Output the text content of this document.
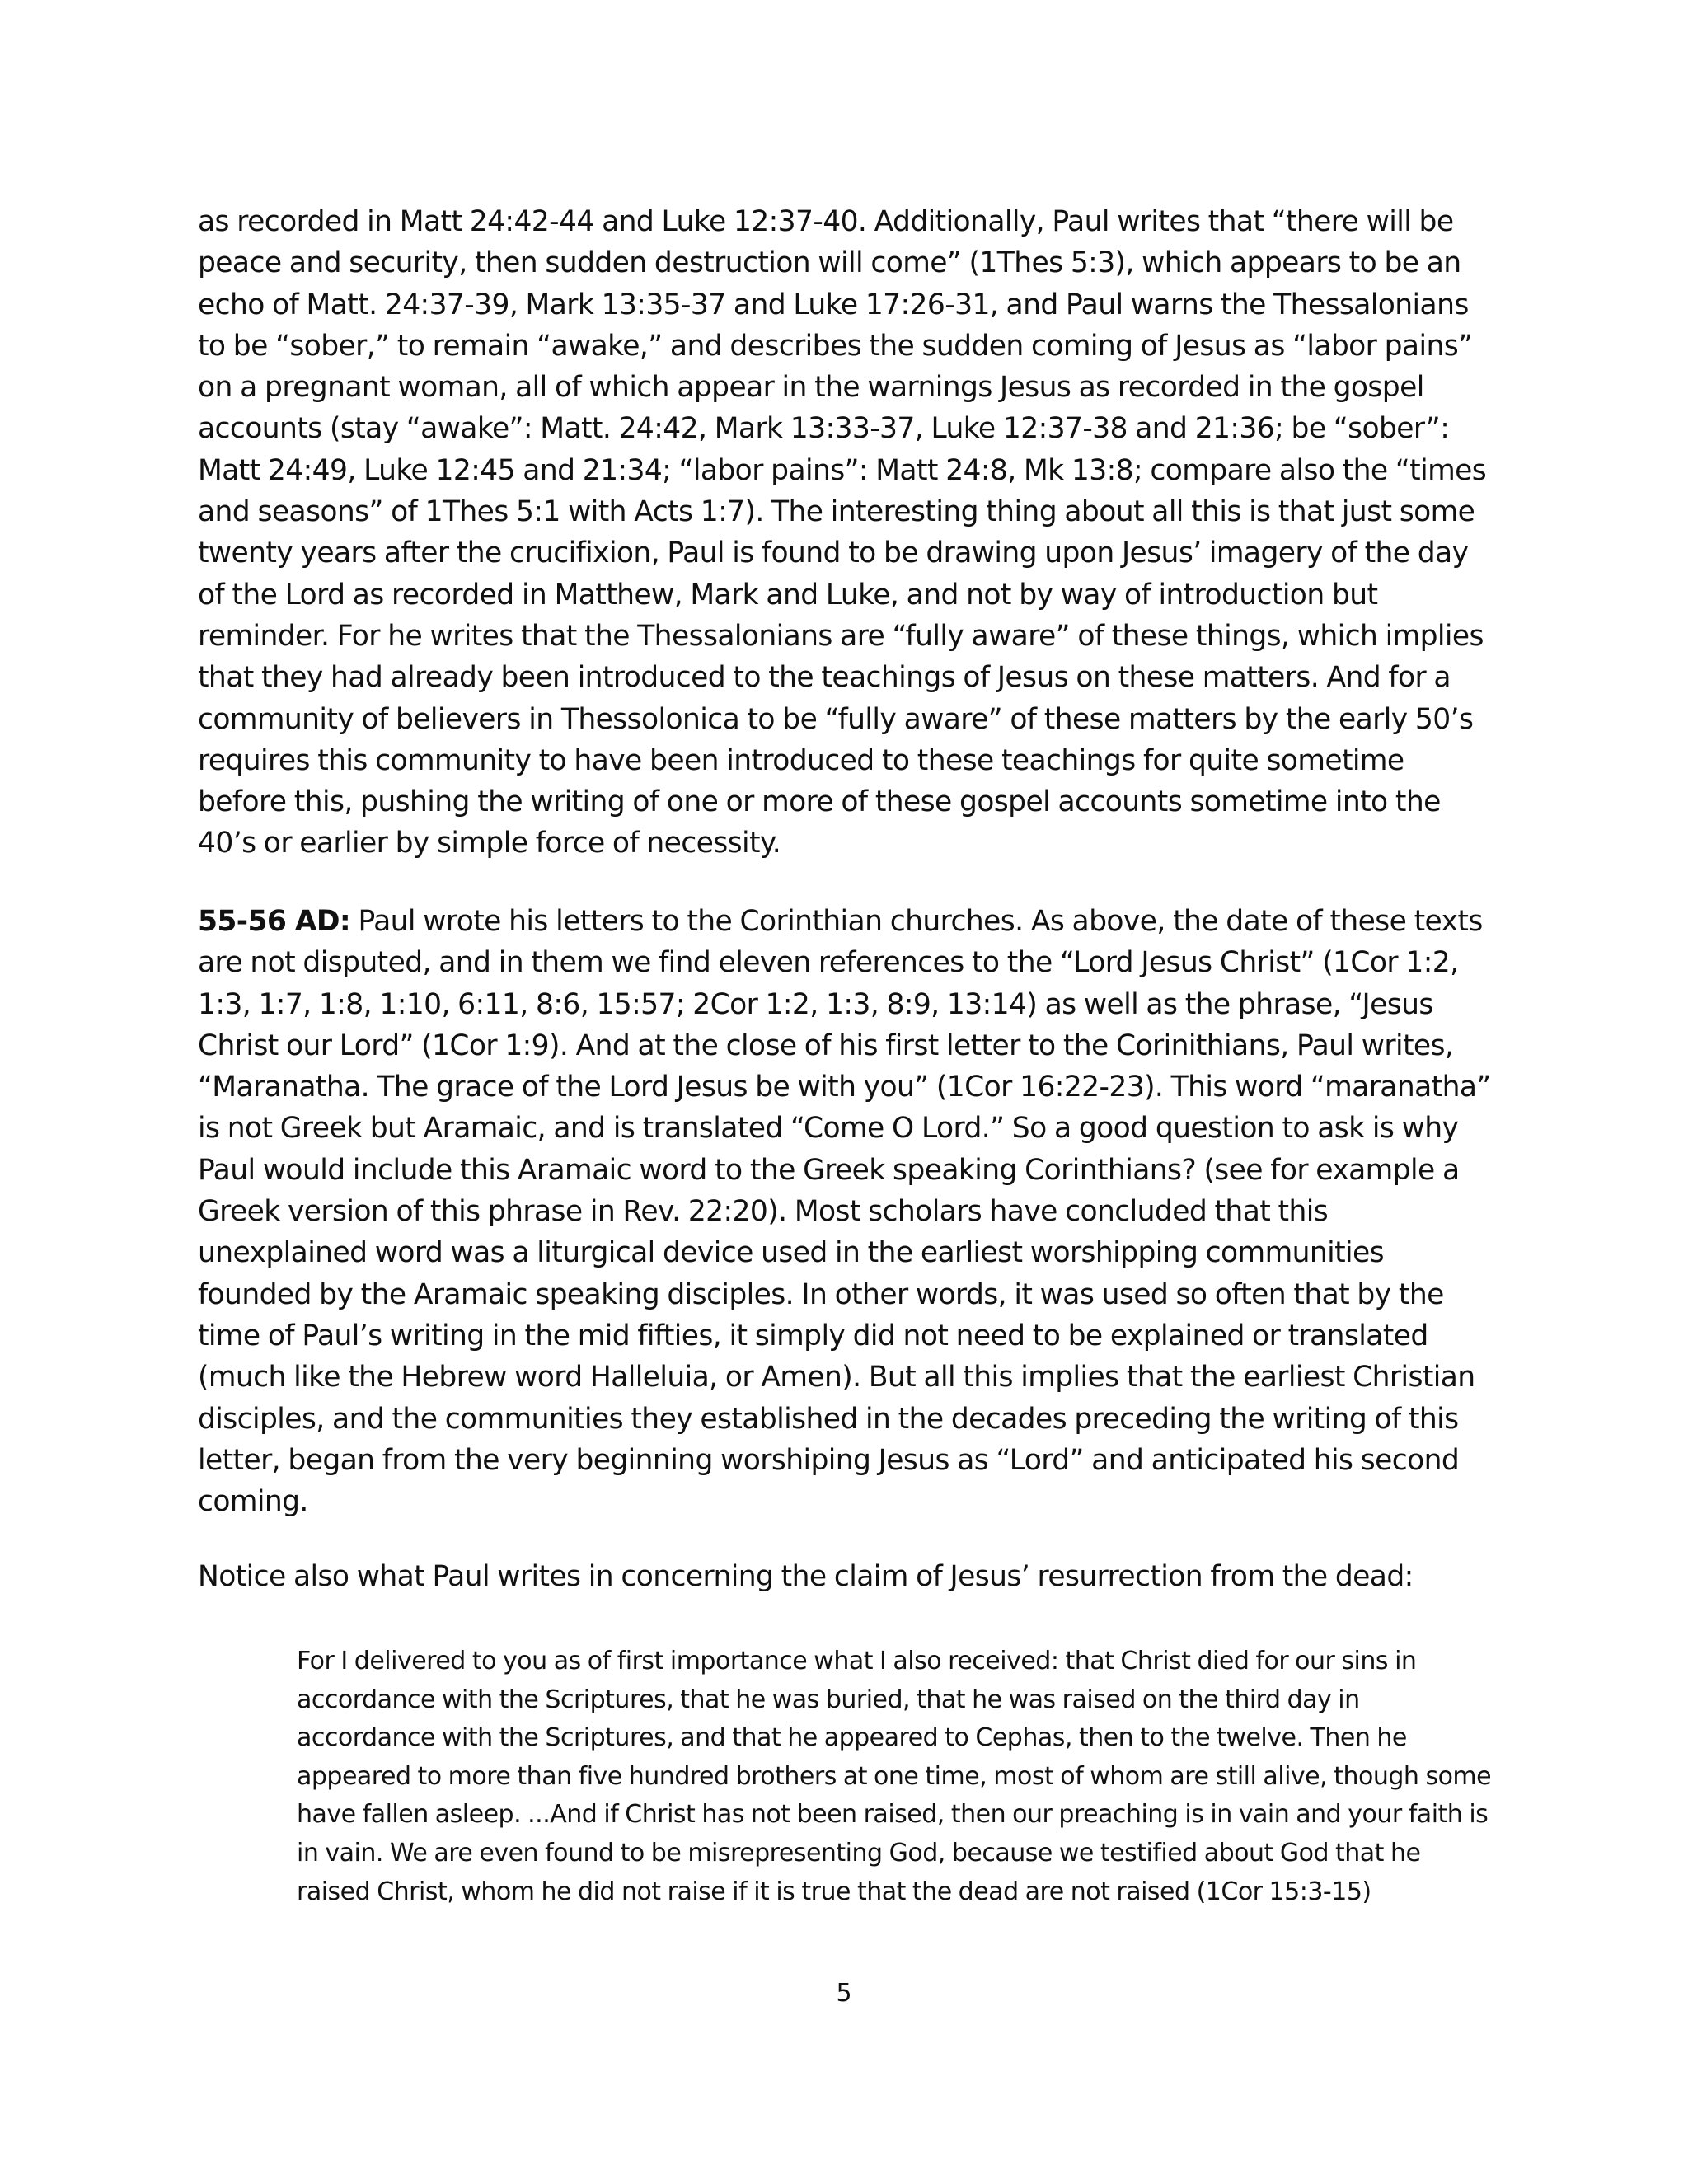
as recorded in Matt 24:42-44 and Luke 12:37-40. Additionally, Paul writes that “there will be peace and security, then sudden destruction will come” (1Thes 5:3), which appears to be an echo of Matt. 24:37-39, Mark 13:35-37 and Luke 17:26-31, and Paul warns the Thessalonians to be “sober,” to remain “awake,” and describes the sudden coming of Jesus as “labor pains” on a pregnant woman, all of which appear in the warnings Jesus as recorded in the gospel accounts (stay “awake”: Matt. 24:42, Mark 13:33-37, Luke 12:37-38 and 21:36; be “sober”: Matt 24:49, Luke 12:45 and 21:34; “labor pains”: Matt 24:8, Mk 13:8; compare also the “times and seasons” of 1Thes 5:1 with Acts 1:7). The interesting thing about all this is that just some twenty years after the crucifixion, Paul is found to be drawing upon Jesus’ imagery of the day of the Lord as recorded in Matthew, Mark and Luke, and not by way of introduction but reminder. For he writes that the Thessalonians are “fully aware” of these things, which implies that they had already been introduced to the teachings of Jesus on these matters. And for a community of believers in Thessolonica to be “fully aware” of these matters by the early 50’s requires this community to have been introduced to these teachings for quite sometime before this, pushing the writing of one or more of these gospel accounts sometime into the 40’s or earlier by simple force of necessity.

55-56 AD: Paul wrote his letters to the Corinthian churches. As above, the date of these texts are not disputed, and in them we find eleven references to the “Lord Jesus Christ” (1Cor 1:2, 1:3, 1:7, 1:8, 1:10, 6:11, 8:6, 15:57; 2Cor 1:2, 1:3, 8:9, 13:14) as well as the phrase, “Jesus Christ our Lord” (1Cor 1:9). And at the close of his first letter to the Corinithians, Paul writes, “Maranatha. The grace of the Lord Jesus be with you” (1Cor 16:22-23). This word “maranatha” is not Greek but Aramaic, and is translated “Come O Lord.” So a good question to ask is why Paul would include this Aramaic word to the Greek speaking Corinthians? (see for example a Greek version of this phrase in Rev. 22:20). Most scholars have concluded that this unexplained word was a liturgical device used in the earliest worshipping communities founded by the Aramaic speaking disciples. In other words, it was used so often that by the time of Paul’s writing in the mid fifties, it simply did not need to be explained or translated (much like the Hebrew word Halleluia, or Amen). But all this implies that the earliest Christian disciples, and the communities they established in the decades preceding the writing of this letter, began from the very beginning worshiping Jesus as “Lord” and anticipated his second coming.

Notice also what Paul writes in concerning the claim of Jesus’ resurrection from the dead:

For I delivered to you as of first importance what I also received: that Christ died for our sins in accordance with the Scriptures, that he was buried, that he was raised on the third day in accordance with the Scriptures, and that he appeared to Cephas, then to the twelve. Then he appeared to more than five hundred brothers at one time, most of whom are still alive, though some have fallen asleep. ...And if Christ has not been raised, then our preaching is in vain and your faith is in vain. We are even found to be misrepresenting God, because we testified about God that he raised Christ, whom he did not raise if it is true that the dead are not raised (1Cor 15:3-15)

5
